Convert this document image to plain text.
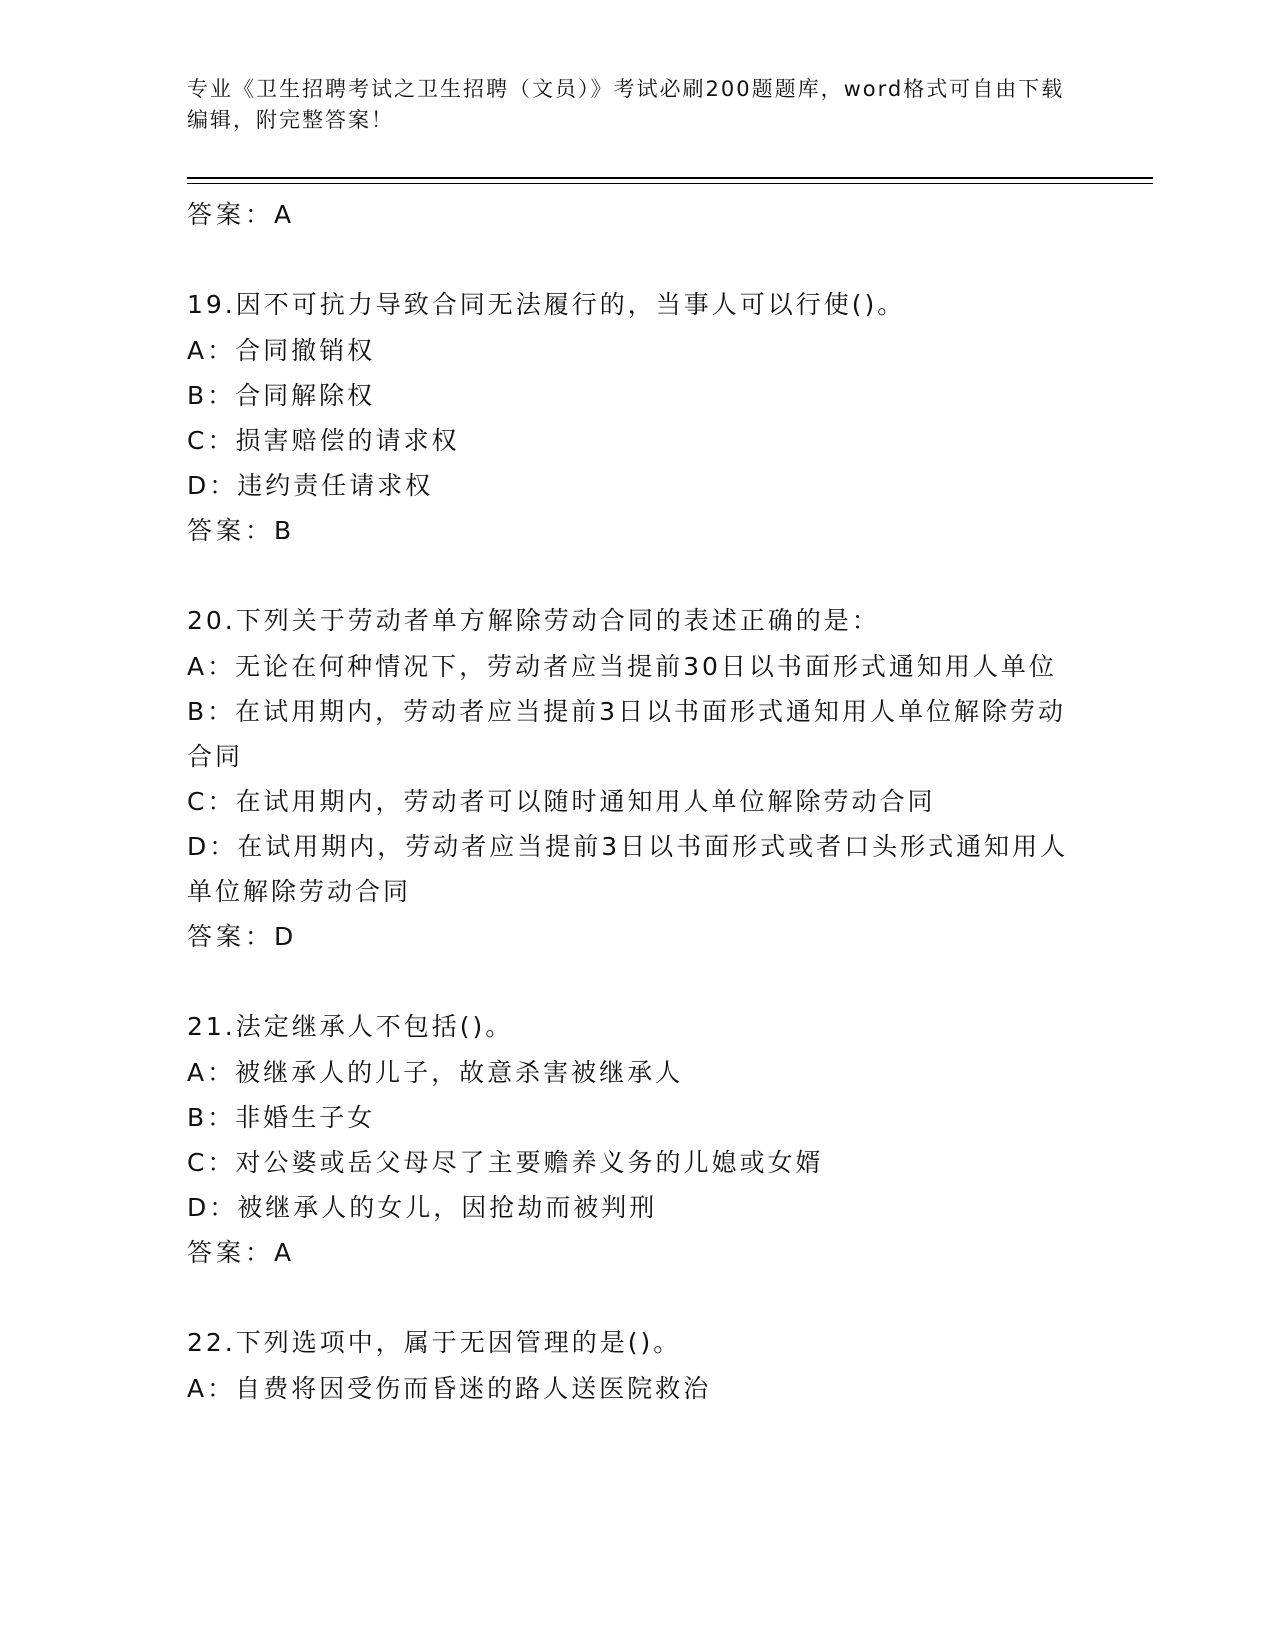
专业《卫生招聘考试之卫生招聘（文员）》考试必刷200题题库，word格式可自由下载编辑，附完整答案！
答案：A
19.因不可抗力导致合同无法履行的，当事人可以行使()。
A：合同撤销权
B：合同解除权
C：损害赔偿的请求权
D：违约责任请求权
答案：B
20.下列关于劳动者单方解除劳动合同的表述正确的是：
A：无论在何种情况下，劳动者应当提前30日以书面形式通知用人单位
B：在试用期内，劳动者应当提前3日以书面形式通知用人单位解除劳动合同
C：在试用期内，劳动者可以随时通知用人单位解除劳动合同
D：在试用期内，劳动者应当提前3日以书面形式或者口头形式通知用人单位解除劳动合同
答案：D
21.法定继承人不包括()。
A：被继承人的儿子，故意杀害被继承人
B：非婚生子女
C：对公婆或岳父母尽了主要赡养义务的儿媳或女婿
D：被继承人的女儿，因抢劫而被判刑
答案：A
22.下列选项中，属于无因管理的是()。
A：自费将因受伤而昏迷的路人送医院救治
